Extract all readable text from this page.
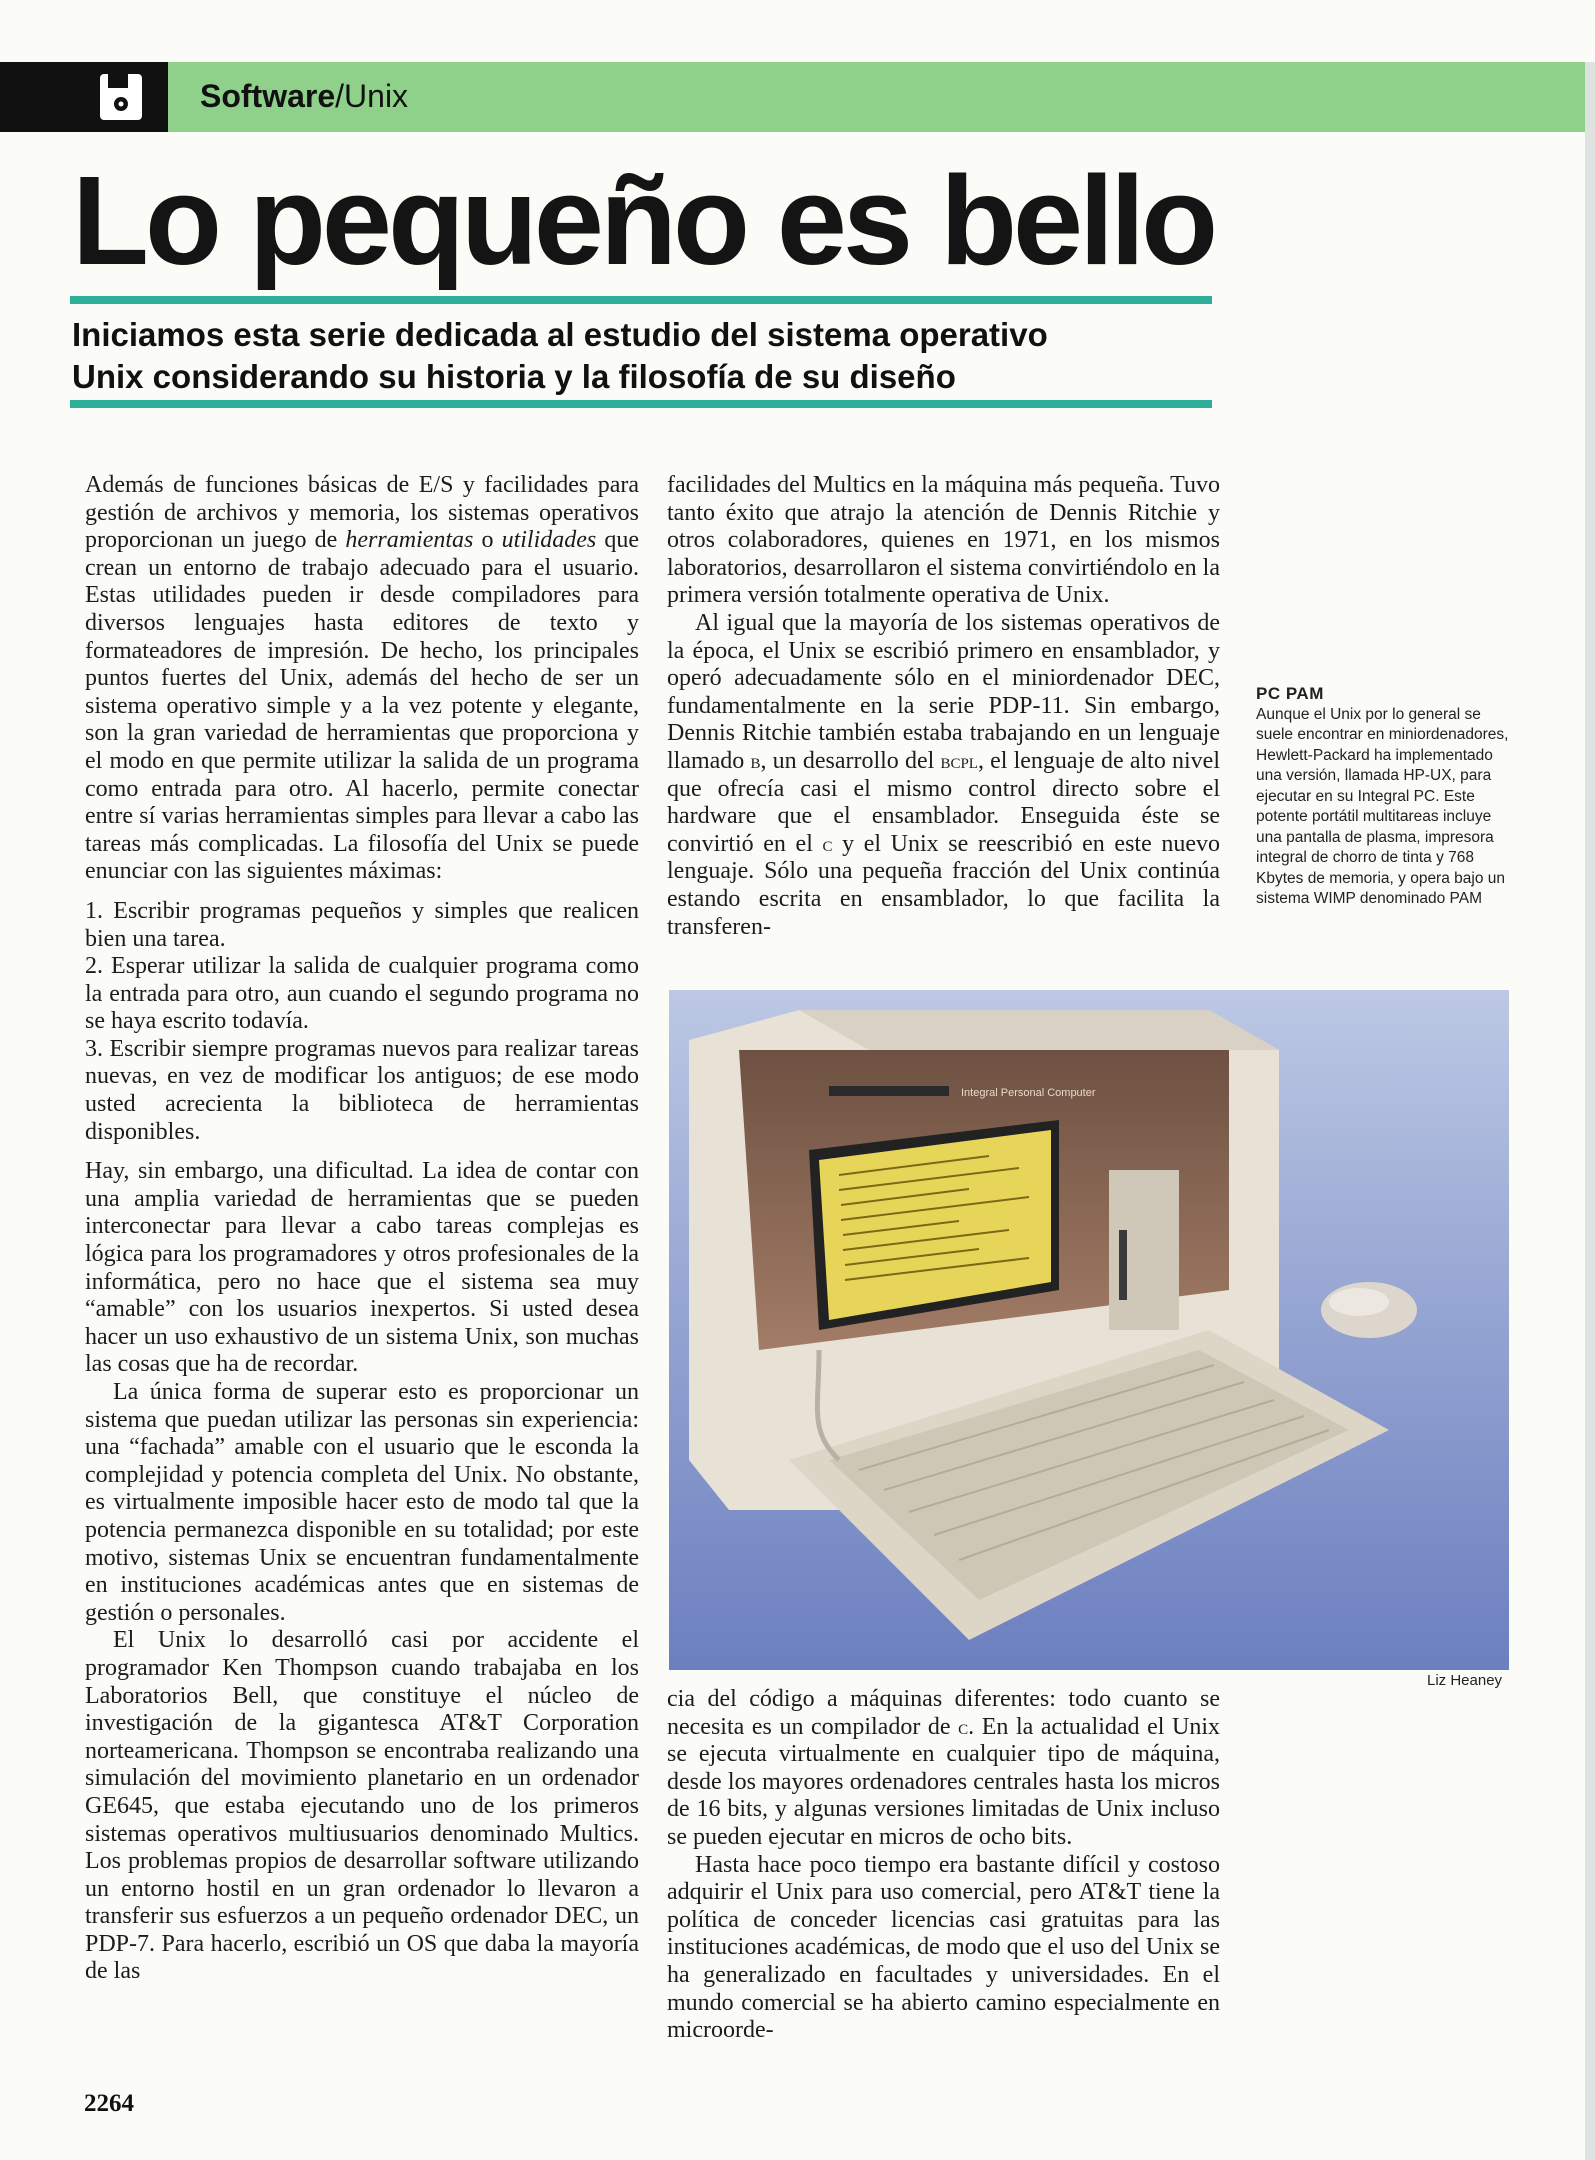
Software/Unix
Lo pequeño es bello
Iniciamos esta serie dedicada al estudio del sistema operativo
Unix considerando su historia y la filosofía de su diseño

Además de funciones básicas de E/S y facilidades para gestión de archivos y memoria, los sistemas operativos proporcionan un juego de herramientas o utilidades que crean un entorno de trabajo adecuado para el usuario. Estas utilidades pueden ir desde compiladores para diversos lenguajes hasta editores de texto y formateadores de impresión. De hecho, los principales puntos fuertes del Unix, además del hecho de ser un sistema operativo simple y a la vez potente y elegante, son la gran variedad de herramientas que proporciona y el modo en que permite utilizar la salida de un programa como entrada para otro. Al hacerlo, permite conectar entre sí varias herramientas simples para llevar a cabo las tareas más complicadas. La filosofía del Unix se puede enunciar con las siguientes máximas:

1. Escribir programas pequeños y simples que realicen bien una tarea.
2. Esperar utilizar la salida de cualquier programa como la entrada para otro, aun cuando el segundo programa no se haya escrito todavía.
3. Escribir siempre programas nuevos para realizar tareas nuevas, en vez de modificar los antiguos; de ese modo usted acrecienta la biblioteca de herramientas disponibles.

Hay, sin embargo, una dificultad. La idea de contar con una amplia variedad de herramientas que se pueden interconectar para llevar a cabo tareas complejas es lógica para los programadores y otros profesionales de la informática, pero no hace que el sistema sea muy “amable” con los usuarios inexpertos. Si usted desea hacer un uso exhaustivo de un sistema Unix, son muchas las cosas que ha de recordar.

La única forma de superar esto es proporcionar un sistema que puedan utilizar las personas sin experiencia: una “fachada” amable con el usuario que le esconda la complejidad y potencia completa del Unix. No obstante, es virtualmente imposible hacer esto de modo tal que la potencia permanezca disponible en su totalidad; por este motivo, sistemas Unix se encuentran fundamentalmente en instituciones académicas antes que en sistemas de gestión o personales.

El Unix lo desarrolló casi por accidente el programador Ken Thompson cuando trabajaba en los Laboratorios Bell, que constituye el núcleo de investigación de la gigantesca AT&T Corporation norteamericana. Thompson se encontraba realizando una simulación del movimiento planetario en un ordenador GE645, que estaba ejecutando uno de los primeros sistemas operativos multiusuarios denominado Multics. Los problemas propios de desarrollar software utilizando un entorno hostil en un gran ordenador lo llevaron a transferir sus esfuerzos a un pequeño ordenador DEC, un PDP-7. Para hacerlo, escribió un OS que daba la mayoría de las

facilidades del Multics en la máquina más pequeña. Tuvo tanto éxito que atrajo la atención de Dennis Ritchie y otros colaboradores, quienes en 1971, en los mismos laboratorios, desarrollaron el sistema convirtiéndolo en la primera versión totalmente operativa de Unix.

Al igual que la mayoría de los sistemas operativos de la época, el Unix se escribió primero en ensamblador, y operó adecuadamente sólo en el miniordenador DEC, fundamentalmente en la serie PDP-11. Sin embargo, Dennis Ritchie también estaba trabajando en un lenguaje llamado b, un desarrollo del bcpl, el lenguaje de alto nivel que ofrecía casi el mismo control directo sobre el hardware que el ensamblador. Enseguida éste se convirtió en el c y el Unix se reescribió en este nuevo lenguaje. Sólo una pequeña fracción del Unix continúa estando escrita en ensamblador, lo que facilita la transferen-

PC PAM
Aunque el Unix por lo general se suele encontrar en miniordenadores, Hewlett-Packard ha implementado una versión, llamada HP-UX, para ejecutar en su Integral PC. Este potente portátil multitareas incluye una pantalla de plasma, impresora integral de chorro de tinta y 768 Kbytes de memoria, y opera bajo un sistema WIMP denominado PAM
Integral Personal Computer
Liz Heaney

cia del código a máquinas diferentes: todo cuanto se necesita es un compilador de c. En la actualidad el Unix se ejecuta virtualmente en cualquier tipo de máquina, desde los mayores ordenadores centrales hasta los micros de 16 bits, y algunas versiones limitadas de Unix incluso se pueden ejecutar en micros de ocho bits.

Hasta hace poco tiempo era bastante difícil y costoso adquirir el Unix para uso comercial, pero AT&T tiene la política de conceder licencias casi gratuitas para las instituciones académicas, de modo que el uso del Unix se ha generalizado en facultades y universidades. En el mundo comercial se ha abierto camino especialmente en microorde-

2264
